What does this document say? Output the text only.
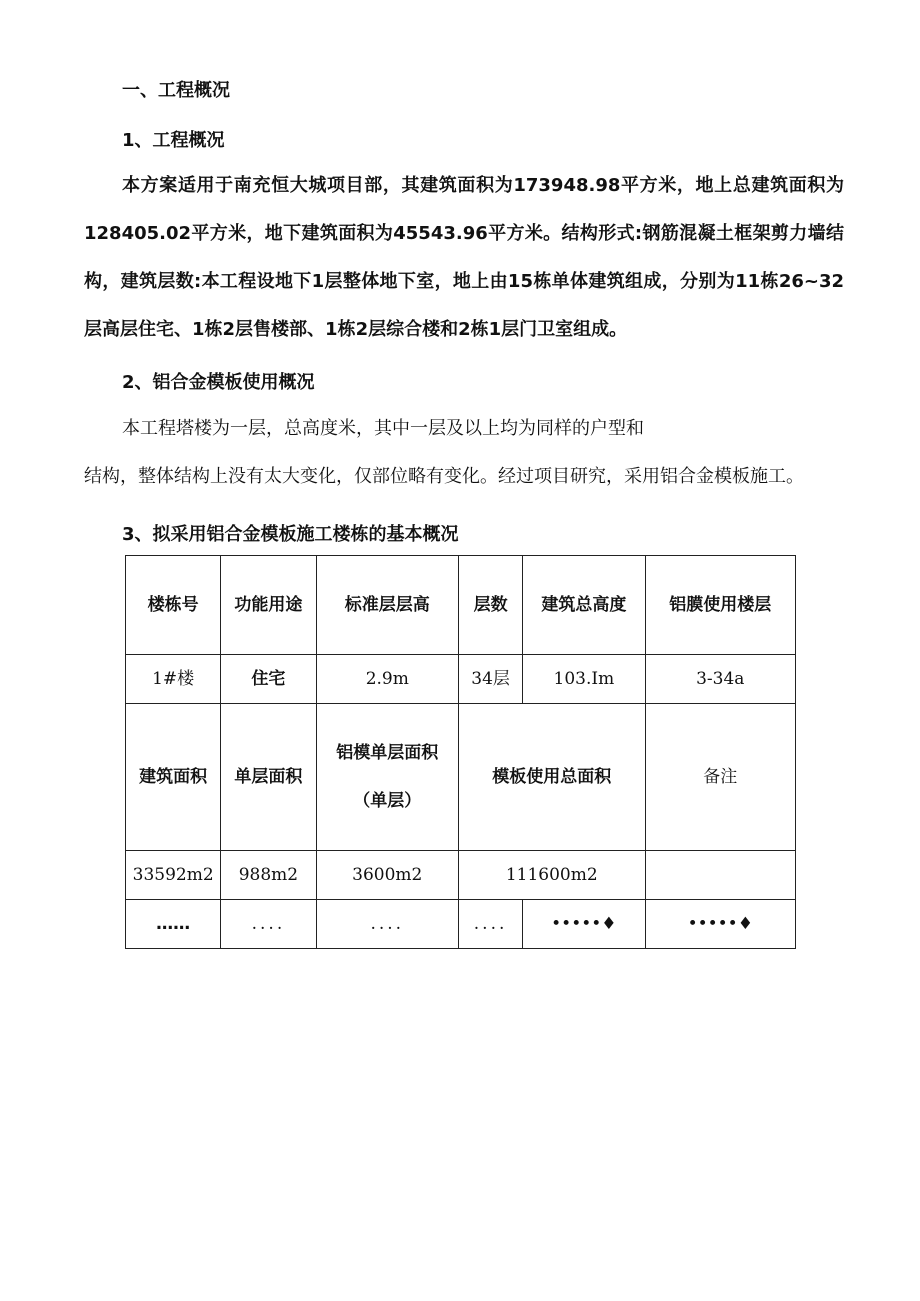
一、工程概况
1、工程概况
本方案适用于南充恒大城项目部，其建筑面积为173948.98平方米，地上总建筑面积为128405.02平方米，地下建筑面积为45543.96平方米。结构形式:钢筋混凝土框架剪力墙结构，建筑层数:本工程设地下1层整体地下室，地上由15栋单体建筑组成，分别为11栋26~32层高层住宅、1栋2层售楼部、1栋2层综合楼和2栋1层门卫室组成。
2、铝合金模板使用概况
本工程塔楼为一层，总高度米，其中一层及以上均为同样的户型和
结构，整体结构上没有太大变化，仅部位略有变化。经过项目研究，采用铝合金模板施工。
3、拟采用铝合金模板施工楼栋的基本概况
楼栋号	功能用途	标准层层高	层数	建筑总高度	铝膜使用楼层
1#楼	住宅	2.9m	34层	103.Im	3-34a
建筑面积	单层面积	铝模单层面积（单层）	模板使用总面积		备注
33592m2	988m2	3600m2	111600m2		
……	....	....	....	•••••♦	•••••♦
